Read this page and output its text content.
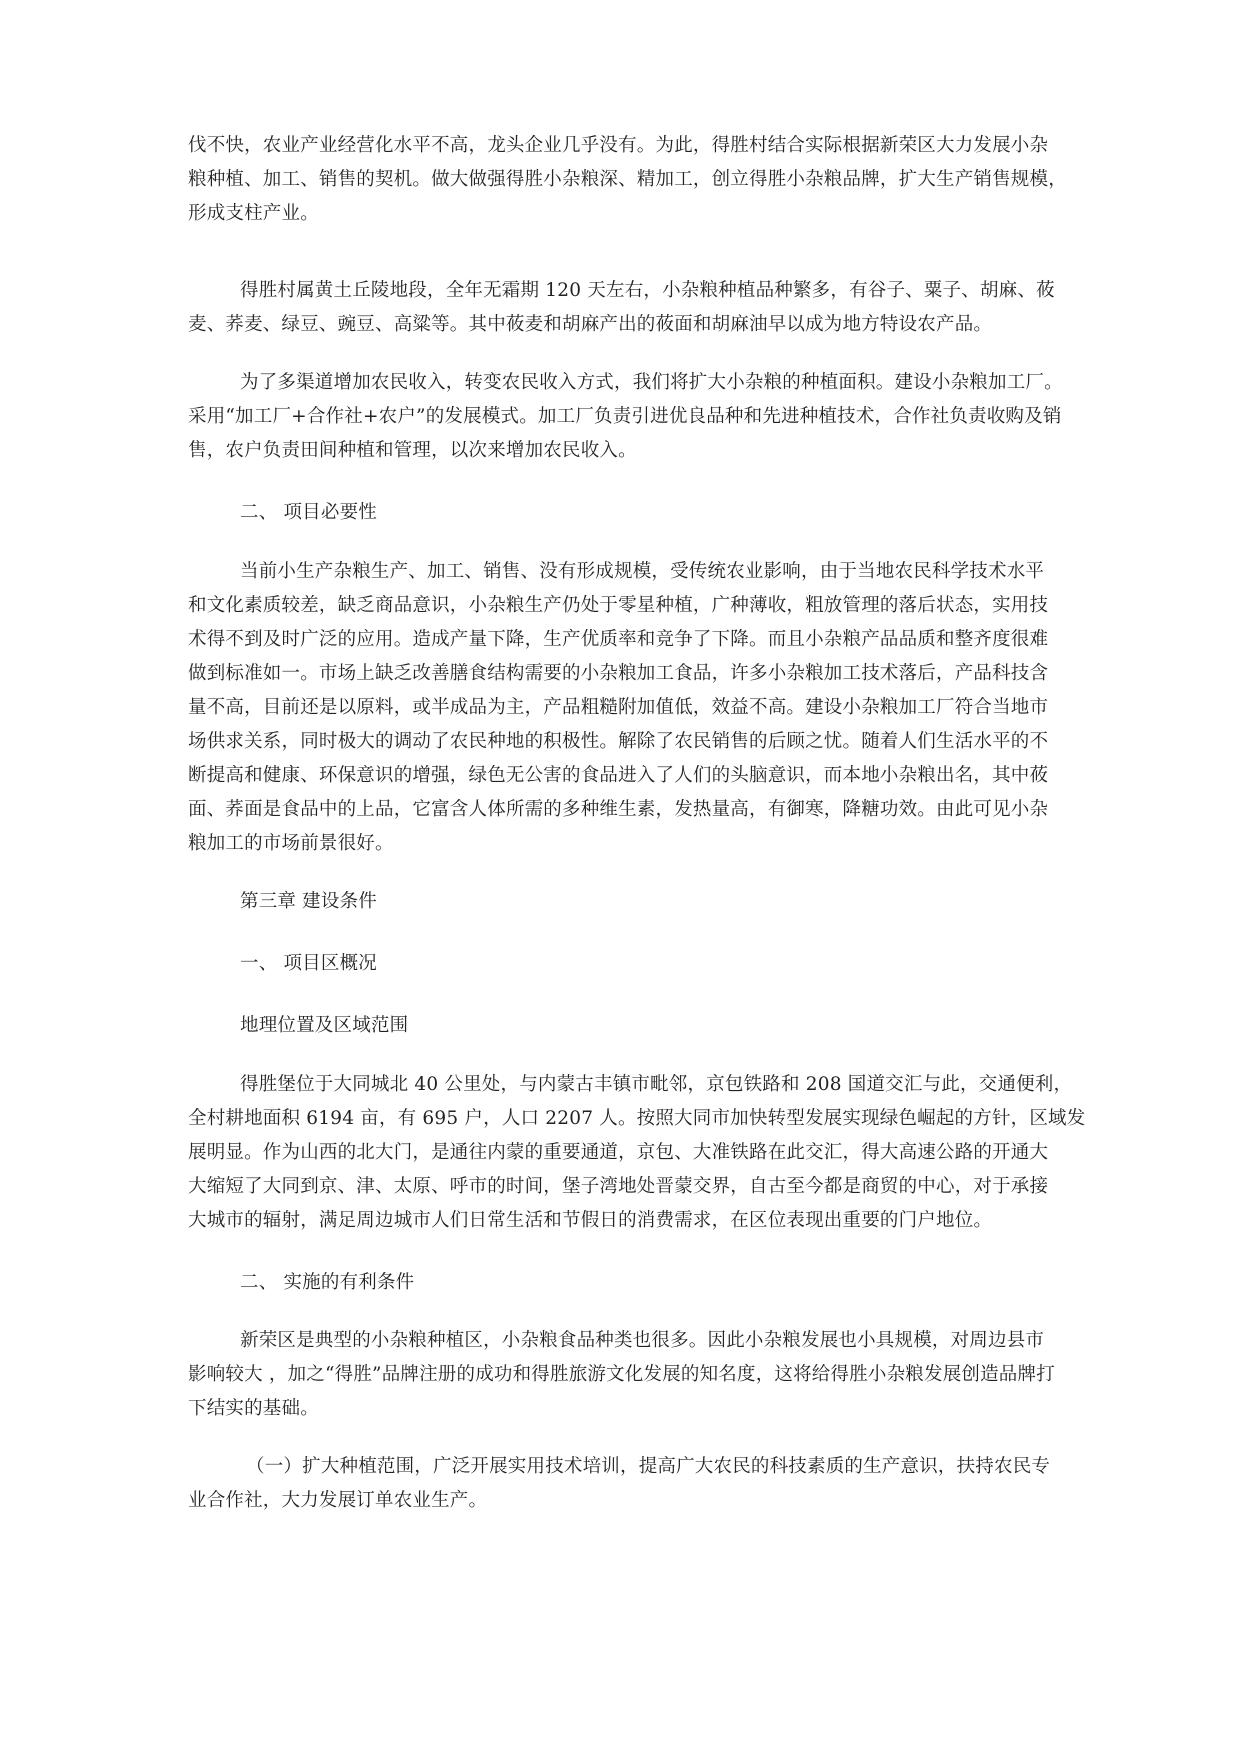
伐不快，农业产业经营化水平不高，龙头企业几乎没有。为此，得胜村结合实际根据新荣区大力发展小杂
粮种植、加工、销售的契机。做大做强得胜小杂粮深、精加工，创立得胜小杂粮品牌，扩大生产销售规模，
形成支柱产业。
得胜村属黄土丘陵地段，全年无霜期 120 天左右，小杂粮种植品种繁多，有谷子、粟子、胡麻、莜
麦、荞麦、绿豆、豌豆、高粱等。其中莜麦和胡麻产出的莜面和胡麻油早以成为地方特设农产品。
为了多渠道增加农民收入，转变农民收入方式，我们将扩大小杂粮的种植面积。建设小杂粮加工厂。
采用“加工厂+合作社+农户”的发展模式。加工厂负责引进优良品种和先进种植技术，合作社负责收购及销
售，农户负责田间种植和管理，以次来增加农民收入。
二、 项目必要性
当前小生产杂粮生产、加工、销售、没有形成规模，受传统农业影响，由于当地农民科学技术水平
和文化素质较差，缺乏商品意识，小杂粮生产仍处于零星种植，广种薄收，粗放管理的落后状态，实用技
术得不到及时广泛的应用。造成产量下降，生产优质率和竞争了下降。而且小杂粮产品品质和整齐度很难
做到标准如一。市场上缺乏改善膳食结构需要的小杂粮加工食品，许多小杂粮加工技术落后，产品科技含
量不高，目前还是以原料，或半成品为主，产品粗糙附加值低，效益不高。建设小杂粮加工厂符合当地市
场供求关系，同时极大的调动了农民种地的积极性。解除了农民销售的后顾之忧。随着人们生活水平的不
断提高和健康、环保意识的增强，绿色无公害的食品进入了人们的头脑意识，而本地小杂粮出名，其中莜
面、荞面是食品中的上品，它富含人体所需的多种维生素，发热量高，有御寒，降糖功效。由此可见小杂
粮加工的市场前景很好。
第三章 建设条件
一、 项目区概况
地理位置及区域范围
得胜堡位于大同城北 40 公里处，与内蒙古丰镇市毗邻，京包铁路和 208 国道交汇与此，交通便利，
全村耕地面积 6194 亩，有 695 户，人口 2207 人。按照大同市加快转型发展实现绿色崛起的方针，区域发
展明显。作为山西的北大门，是通往内蒙的重要通道，京包、大准铁路在此交汇，得大高速公路的开通大
大缩短了大同到京、津、太原、呼市的时间，堡子湾地处晋蒙交界，自古至今都是商贸的中心，对于承接
大城市的辐射，满足周边城市人们日常生活和节假日的消费需求，在区位表现出重要的门户地位。
二、 实施的有利条件
新荣区是典型的小杂粮种植区，小杂粮食品种类也很多。因此小杂粮发展也小具规模，对周边县市
影响较大 ，加之“得胜”品牌注册的成功和得胜旅游文化发展的知名度，这将给得胜小杂粮发展创造品牌打
下结实的基础。
（一）扩大种植范围，广泛开展实用技术培训，提高广大农民的科技素质的生产意识，扶持农民专
业合作社，大力发展订单农业生产。
